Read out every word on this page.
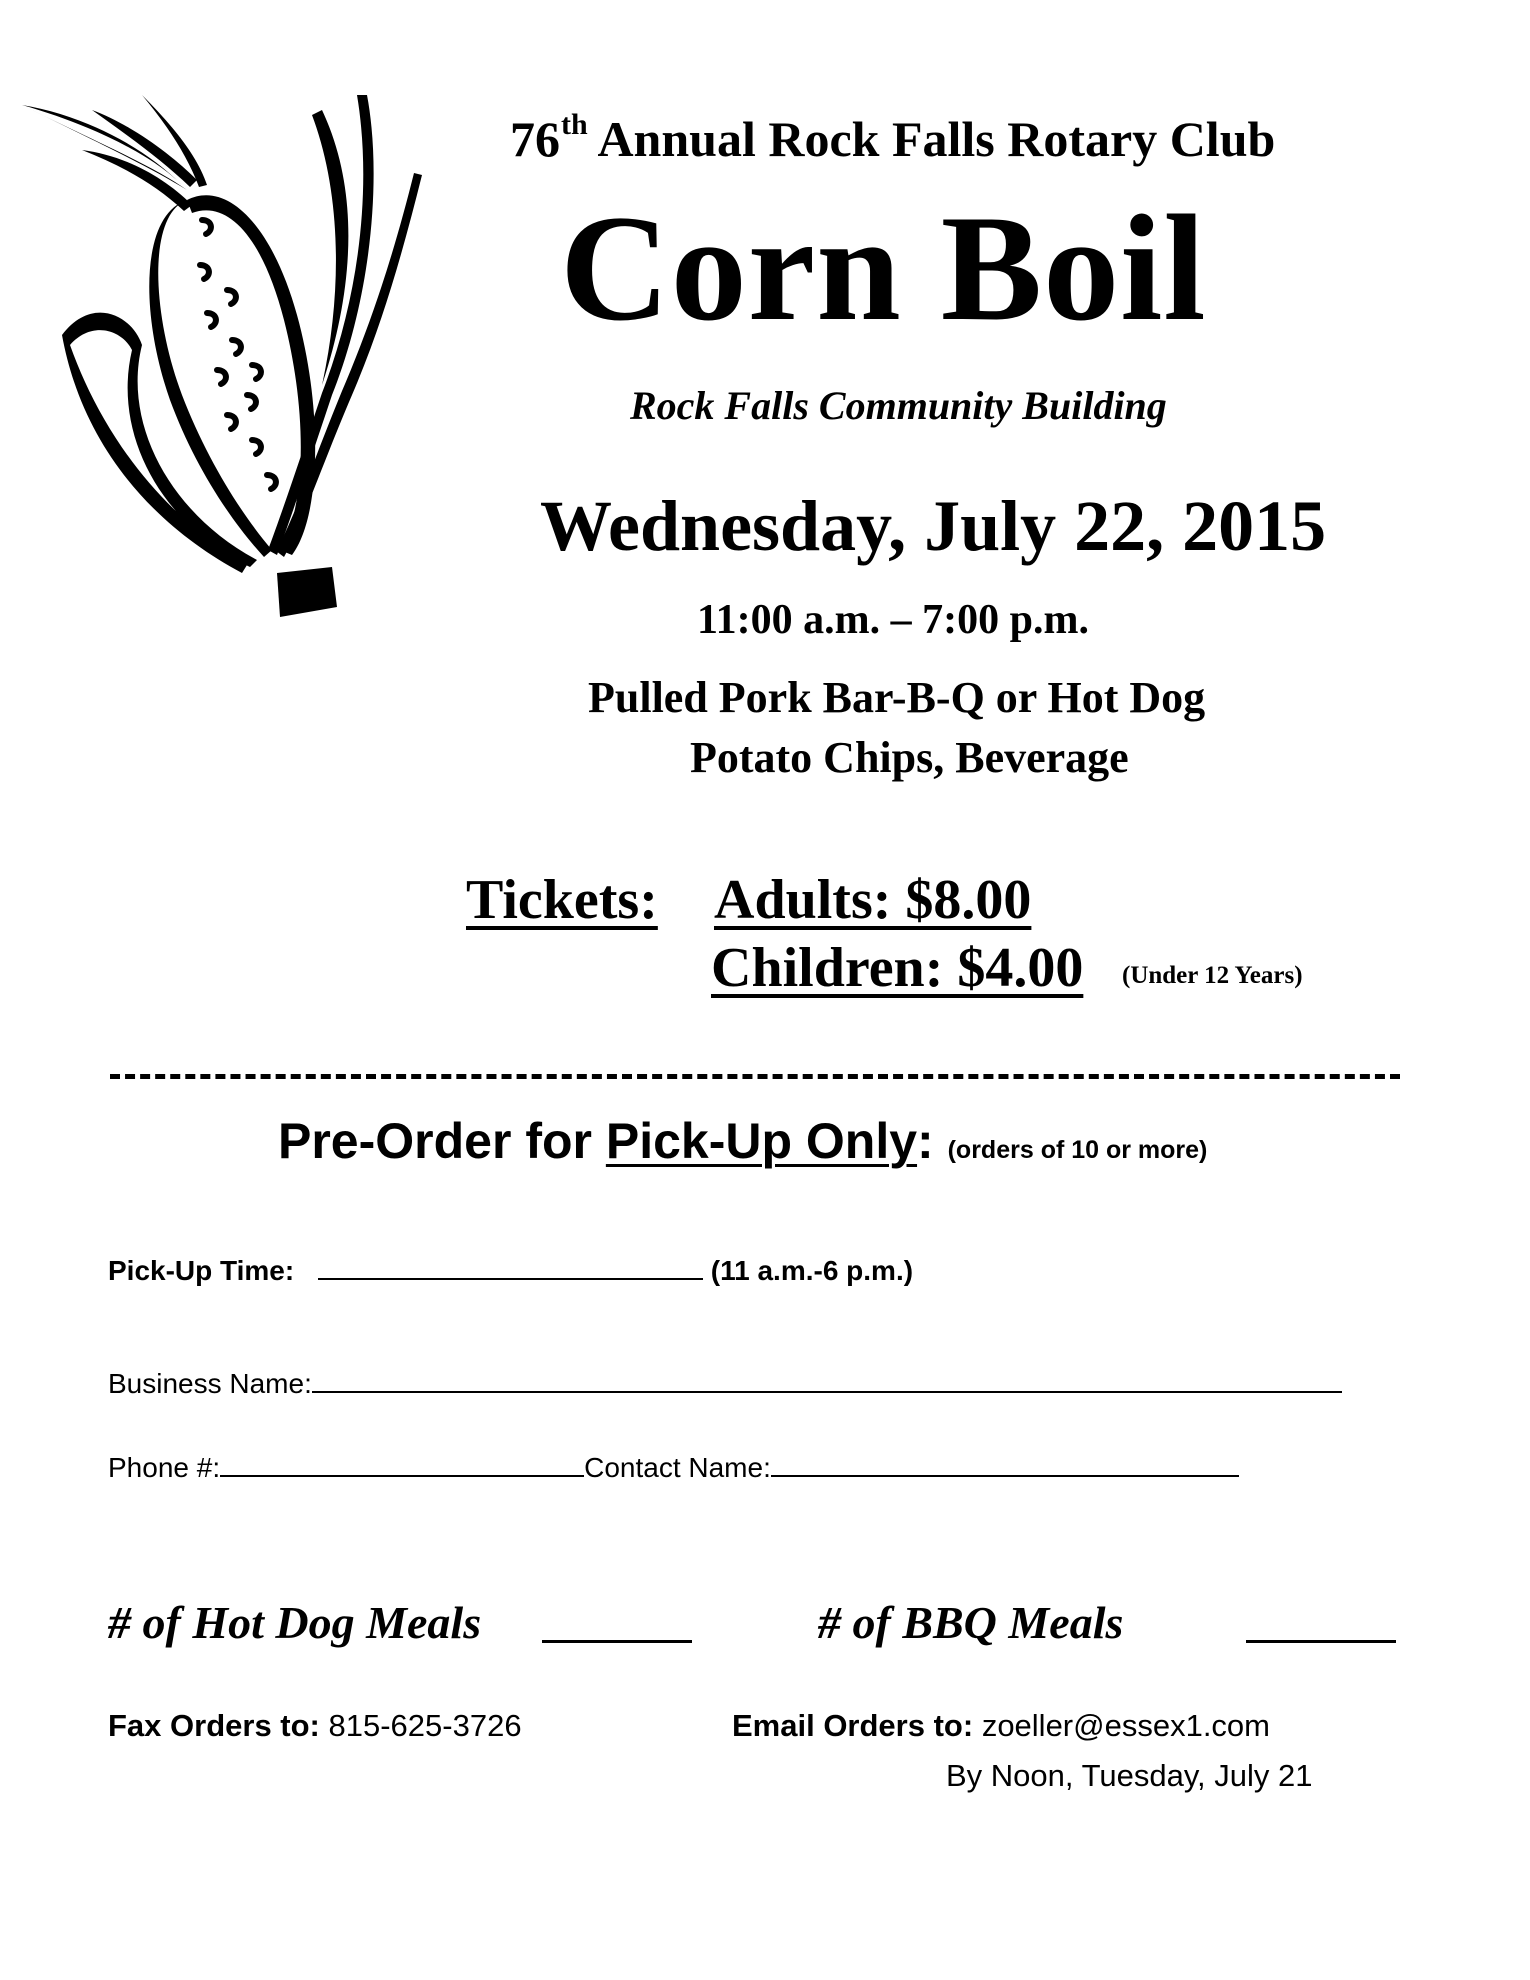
76th Annual Rock Falls Rotary Club
Corn Boil
Rock Falls Community Building
Wednesday, July 22, 2015
11:00 a.m. – 7:00 p.m.
Pulled Pork Bar-B-Q or Hot Dog
Potato Chips, Beverage
Tickets: Adults: $8.00
Children: $4.00 (Under 12 Years)
Pre-Order for Pick-Up Only: (orders of 10 or more)
Pick-Up Time:	(11 a.m.-6 p.m.)
Business Name:
Phone #:	Contact Name:
# of Hot Dog Meals	# of BBQ Meals
Fax Orders to: 815-625-3726	Email Orders to: zoeller@essex1.com
By Noon, Tuesday, July 21
